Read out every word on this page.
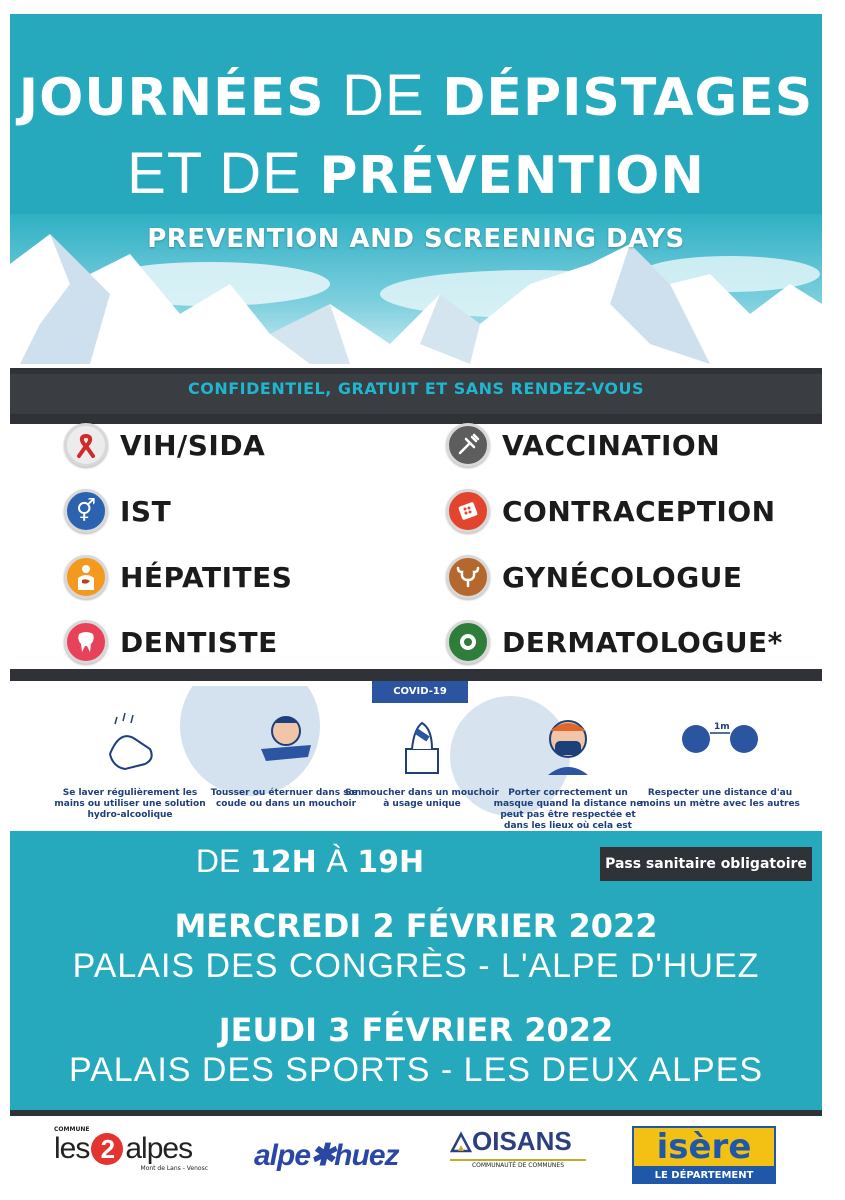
JOURNÉES DE DÉPISTAGES
ET DE PRÉVENTION
PREVENTION AND SCREENING DAYS
CONFIDENTIEL, GRATUIT ET SANS RENDEZ-VOUS
VIH/SIDA
⚥ IST
HÉPATITES
DENTISTE
VACCINATION
CONTRACEPTION
GYNÉCOLOGUE
DERMATOLOGUE*
COVID-19
Se laver régulièrement les mains ou utiliser une solution hydro-alcoolique
Tousser ou éternuer dans son coude ou dans un mouchoir
Se moucher dans un mouchoir à usage unique
Porter correctement un masque quand la distance ne peut pas être respectée et dans les lieux où cela est
1m
Respecter une distance d'au moins un mètre avec les autres
DE 12H À 19H	Pass sanitaire obligatoire
MERCREDI 2 FÉVRIER 2022
PALAIS DES CONGRÈS - L'ALPE D'HUEZ
JEUDI 3 FÉVRIER 2022
PALAIS DES SPORTS - LES DEUX ALPES
COMMUNE
les 2 alpes
Mont de Lans - Venosc alpe✱huez	OISANS
COMMUNAUTÉ DE COMMUNES	isère
LE DÉPARTEMENT
